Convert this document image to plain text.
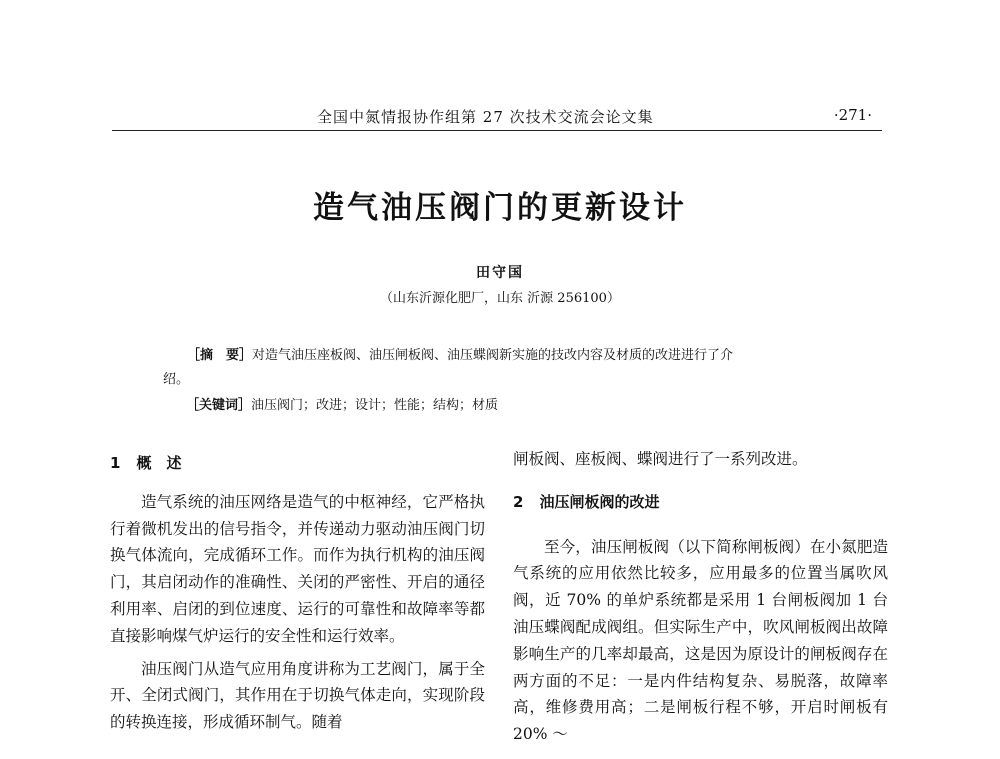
全国中氮情报协作组第 27 次技术交流会论文集	·271·
造气油压阀门的更新设计
田守国
（山东沂源化肥厂，山东 沂源 256100）
［摘　要］对造气油压座板阀、油压闸板阀、油压蝶阀新实施的技改内容及材质的改进进行了介
绍。
［关键词］油压阀门；改进；设计；性能；结构；材质
1 概　述

造气系统的油压网络是造气的中枢神经，它严格执行着微机发出的信号指令，并传递动力驱动油压阀门切换气体流向，完成循环工作。而作为执行机构的油压阀门，其启闭动作的准确性、关闭的严密性、开启的通径利用率、启闭的到位速度、运行的可靠性和故障率等都直接影响煤气炉运行的安全性和运行效率。

油压阀门从造气应用角度讲称为工艺阀门，属于全开、全闭式阀门，其作用在于切换气体走向，实现阶段的转换连接，形成循环制气。随着

闸板阀、座板阀、蝶阀进行了一系列改进。

2 油压闸板阀的改进

至今，油压闸板阀（以下简称闸板阀）在小氮肥造气系统的应用依然比较多，应用最多的位置当属吹风阀，近 70% 的单炉系统都是采用 1 台闸板阀加 1 台油压蝶阀配成阀组。但实际生产中，吹风闸板阀出故障影响生产的几率却最高，这是因为原设计的闸板阀存在两方面的不足：一是内件结构复杂、易脱落，故障率高，维修费用高；二是闸板行程不够，开启时闸板有 20% ～
